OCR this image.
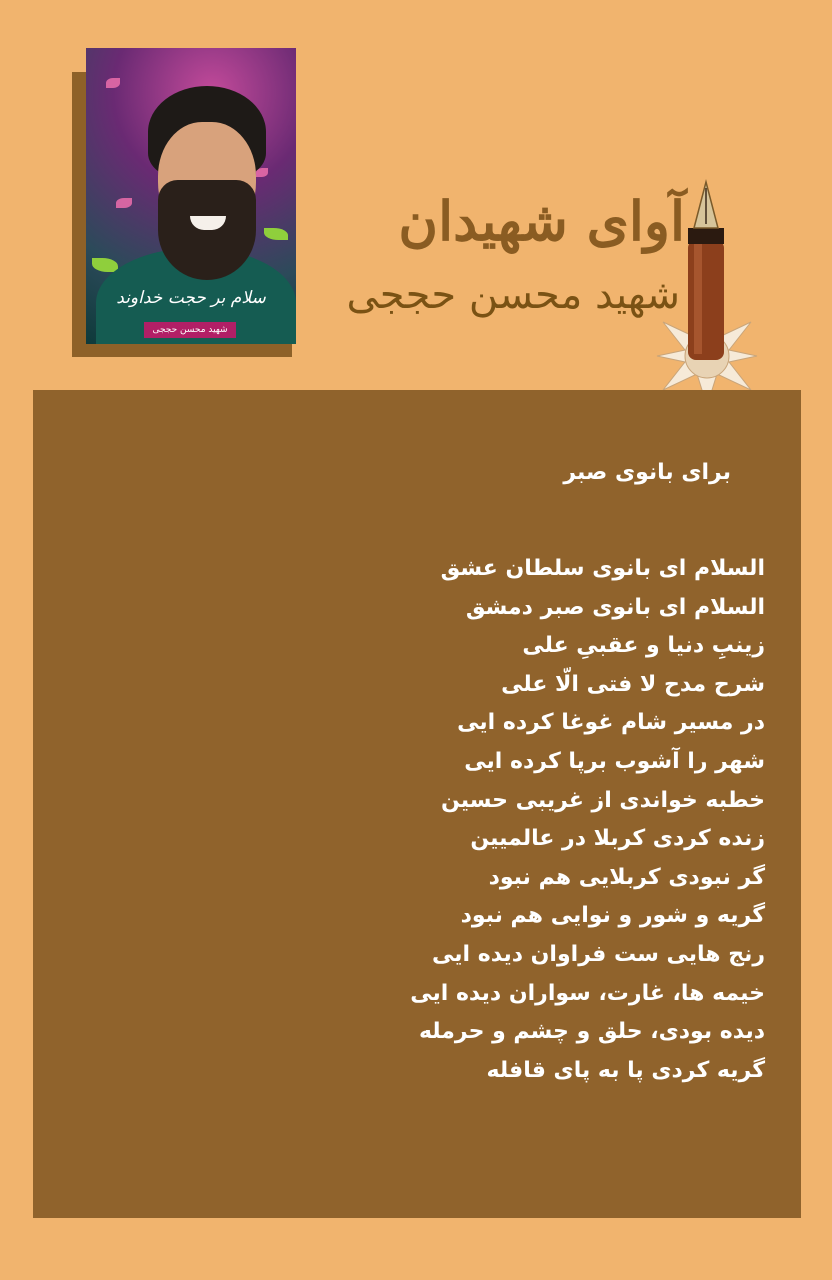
سلام بر حجت خداوند
شهید محسن حججی
آوای شهیدان
شهید محسن حججی
برای بانوی صبر
السلام ای بانوی سلطان عشق
السلام ای بانوی صبر دمشق
زینبِ دنیا و عقبیِ علی
شرح مدح لا فتی الّا علی
در مسیر شام غوغا کرده ایی
شهر را آشوب برپا کرده ایی
خطبه خواندی از غریبی حسین
زنده کردی کربلا در عالمیین
گر نبودی کربلایی هم نبود
گریه و شور و نوایی هم نبود
رنج هایی ست فراوان دیده ایی
خیمه ها، غارت، سواران دیده ایی
دیده بودی، حلق و چشم و حرمله
گریه کردی پا به پای قافله
